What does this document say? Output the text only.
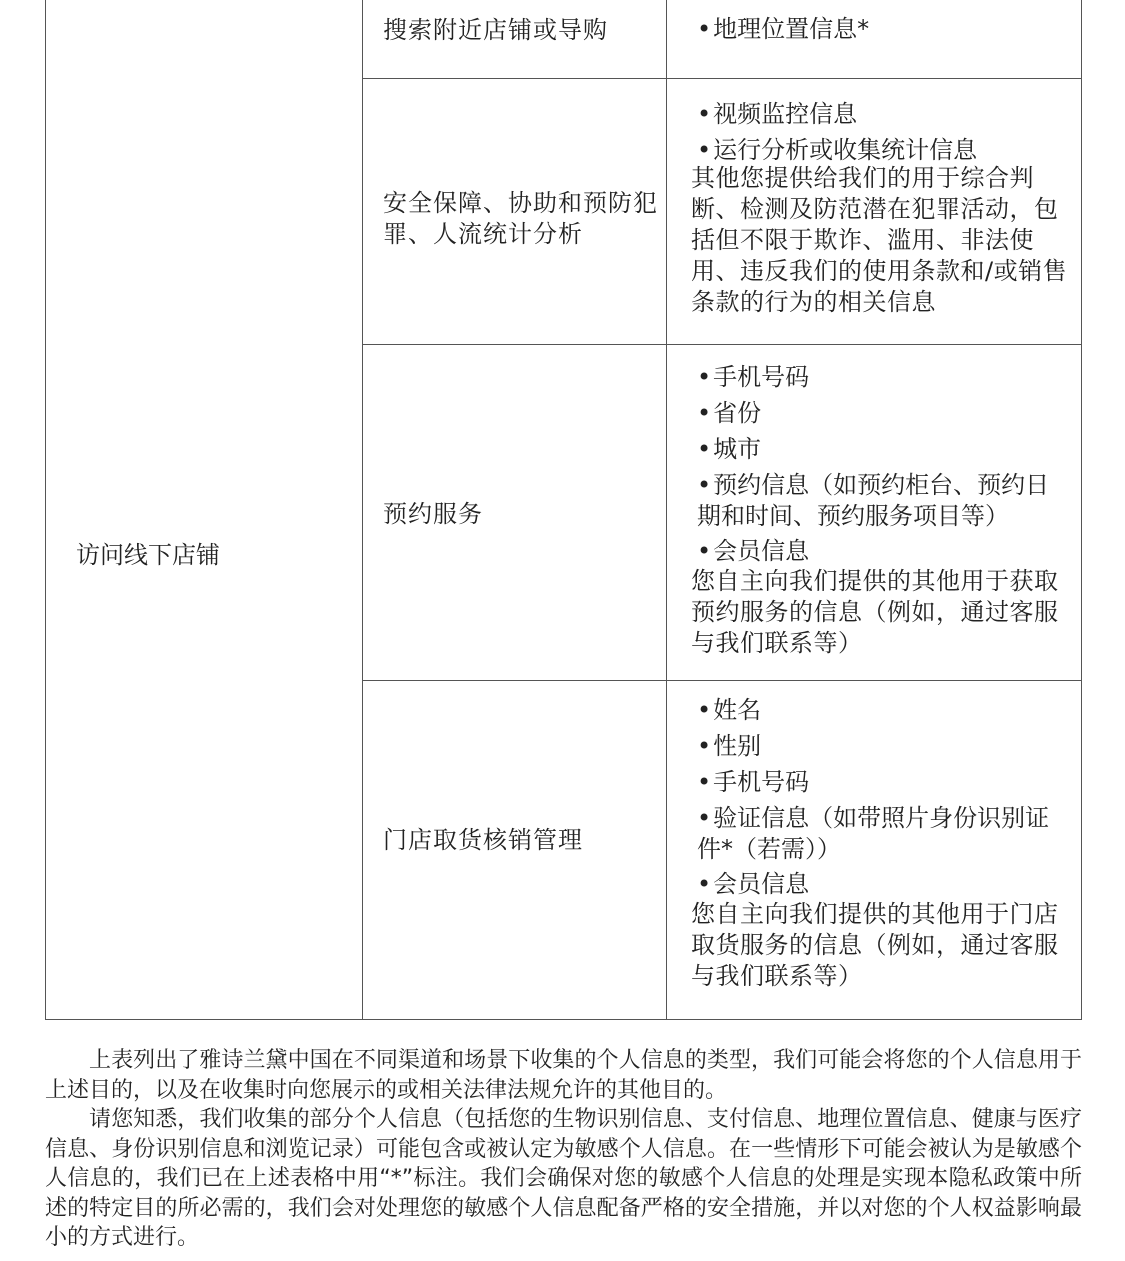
访问线下店铺
搜索附近店铺或导购	•地理位置信息*
安全保障、协助和预防犯罪、人流统计分析
•视频监控信息
•运行分析或收集统计信息
其他您提供给我们的用于综合判断、检测及防范潜在犯罪活动，包括但不限于欺诈、滥用、非法使用、违反我们的使用条款和/或销售条款的行为的相关信息
预约服务
•手机号码
•省份
•城市
•预约信息（如预约柜台、预约日期和时间、预约服务项目等）
•会员信息
您自主向我们提供的其他用于获取预约服务的信息（例如，通过客服与我们联系等）
门店取货核销管理
•姓名
•性别
•手机号码
•验证信息（如带照片身份识别证件*（若需））
•会员信息
您自主向我们提供的其他用于门店取货服务的信息（例如，通过客服与我们联系等）

上表列出了雅诗兰黛中国在不同渠道和场景下收集的个人信息的类型，我们可能会将您的个人信息用于上述目的，以及在收集时向您展示的或相关法律法规允许的其他目的。

请您知悉，我们收集的部分个人信息（包括您的生物识别信息、支付信息、地理位置信息、健康与医疗信息、身份识别信息和浏览记录）可能包含或被认定为敏感个人信息。在一些情形下可能会被认为是敏感个人信息的，我们已在上述表格中用“*”标注。我们会确保对您的敏感个人信息的处理是实现本隐私政策中所述的特定目的所必需的，我们会对处理您的敏感个人信息配备严格的安全措施，并以对您的个人权益影响最小的方式进行。
